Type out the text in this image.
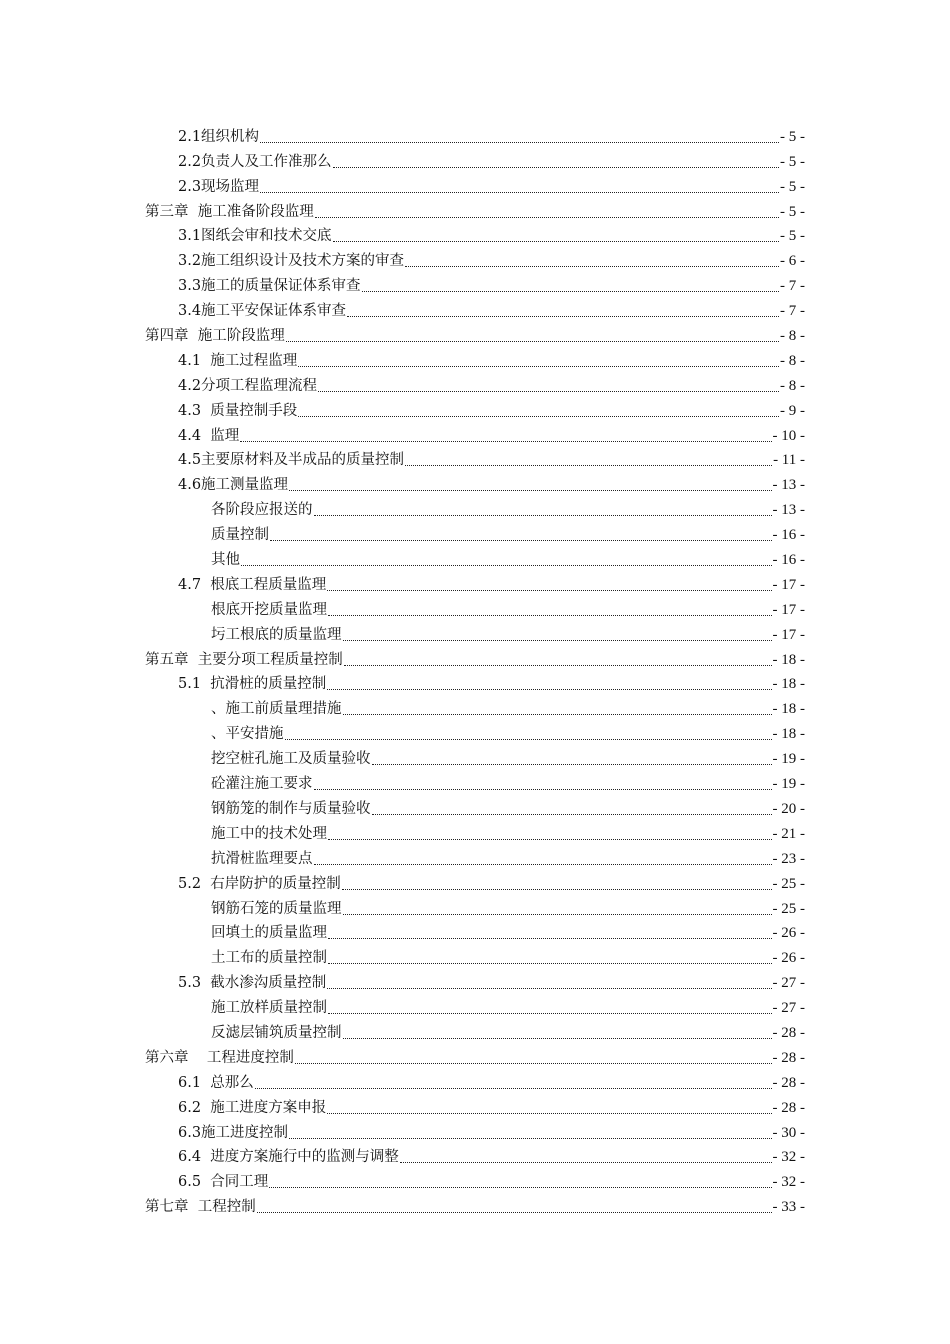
2.1组织机构	- 5 -
2.2负责人及工作准那么	- 5 -
2.3现场监理	- 5 -
第三章  施工准备阶段监理	- 5 -
3.1图纸会审和技术交底	- 5 -
3.2施工组织设计及技术方案的审查	- 6 -
3.3施工的质量保证体系审查	- 7 -
3.4施工平安保证体系审查	- 7 -
第四章  施工阶段监理	- 8 -
4.1  施工过程监理	- 8 -
4.2分项工程监理流程	- 8 -
4.3  质量控制手段	- 9 -
4.4  监理	- 10 -
4.5主要原材料及半成品的质量控制	- 11 -
4.6施工测量监理	- 13 -
各阶段应报送的	- 13 -
质量控制	- 16 -
其他	- 16 -
4.7  根底工程质量监理	- 17 -
根底开挖质量监理	- 17 -
圬工根底的质量监理	- 17 -
第五章  主要分项工程质量控制	- 18 -
5.1  抗滑桩的质量控制	- 18 -
、施工前质量理措施	- 18 -
、平安措施	- 18 -
挖空桩孔施工及质量验收	- 19 -
砼灌注施工要求	- 19 -
钢筋笼的制作与质量验收	- 20 -
施工中的技术处理	- 21 -
抗滑桩监理要点	- 23 -
5.2  右岸防护的质量控制	- 25 -
钢筋石笼的质量监理	- 25 -
回填土的质量监理	- 26 -
土工布的质量控制	- 26 -
5.3  截水渗沟质量控制	- 27 -
施工放样质量控制	- 27 -
反滤层铺筑质量控制	- 28 -
第六章    工程进度控制	- 28 -
6.1  总那么	- 28 -
6.2  施工进度方案申报	- 28 -
6.3施工进度控制	- 30 -
6.4  进度方案施行中的监测与调整	- 32 -
6.5  合同工理	- 32 -
第七章  工程控制	- 33 -
